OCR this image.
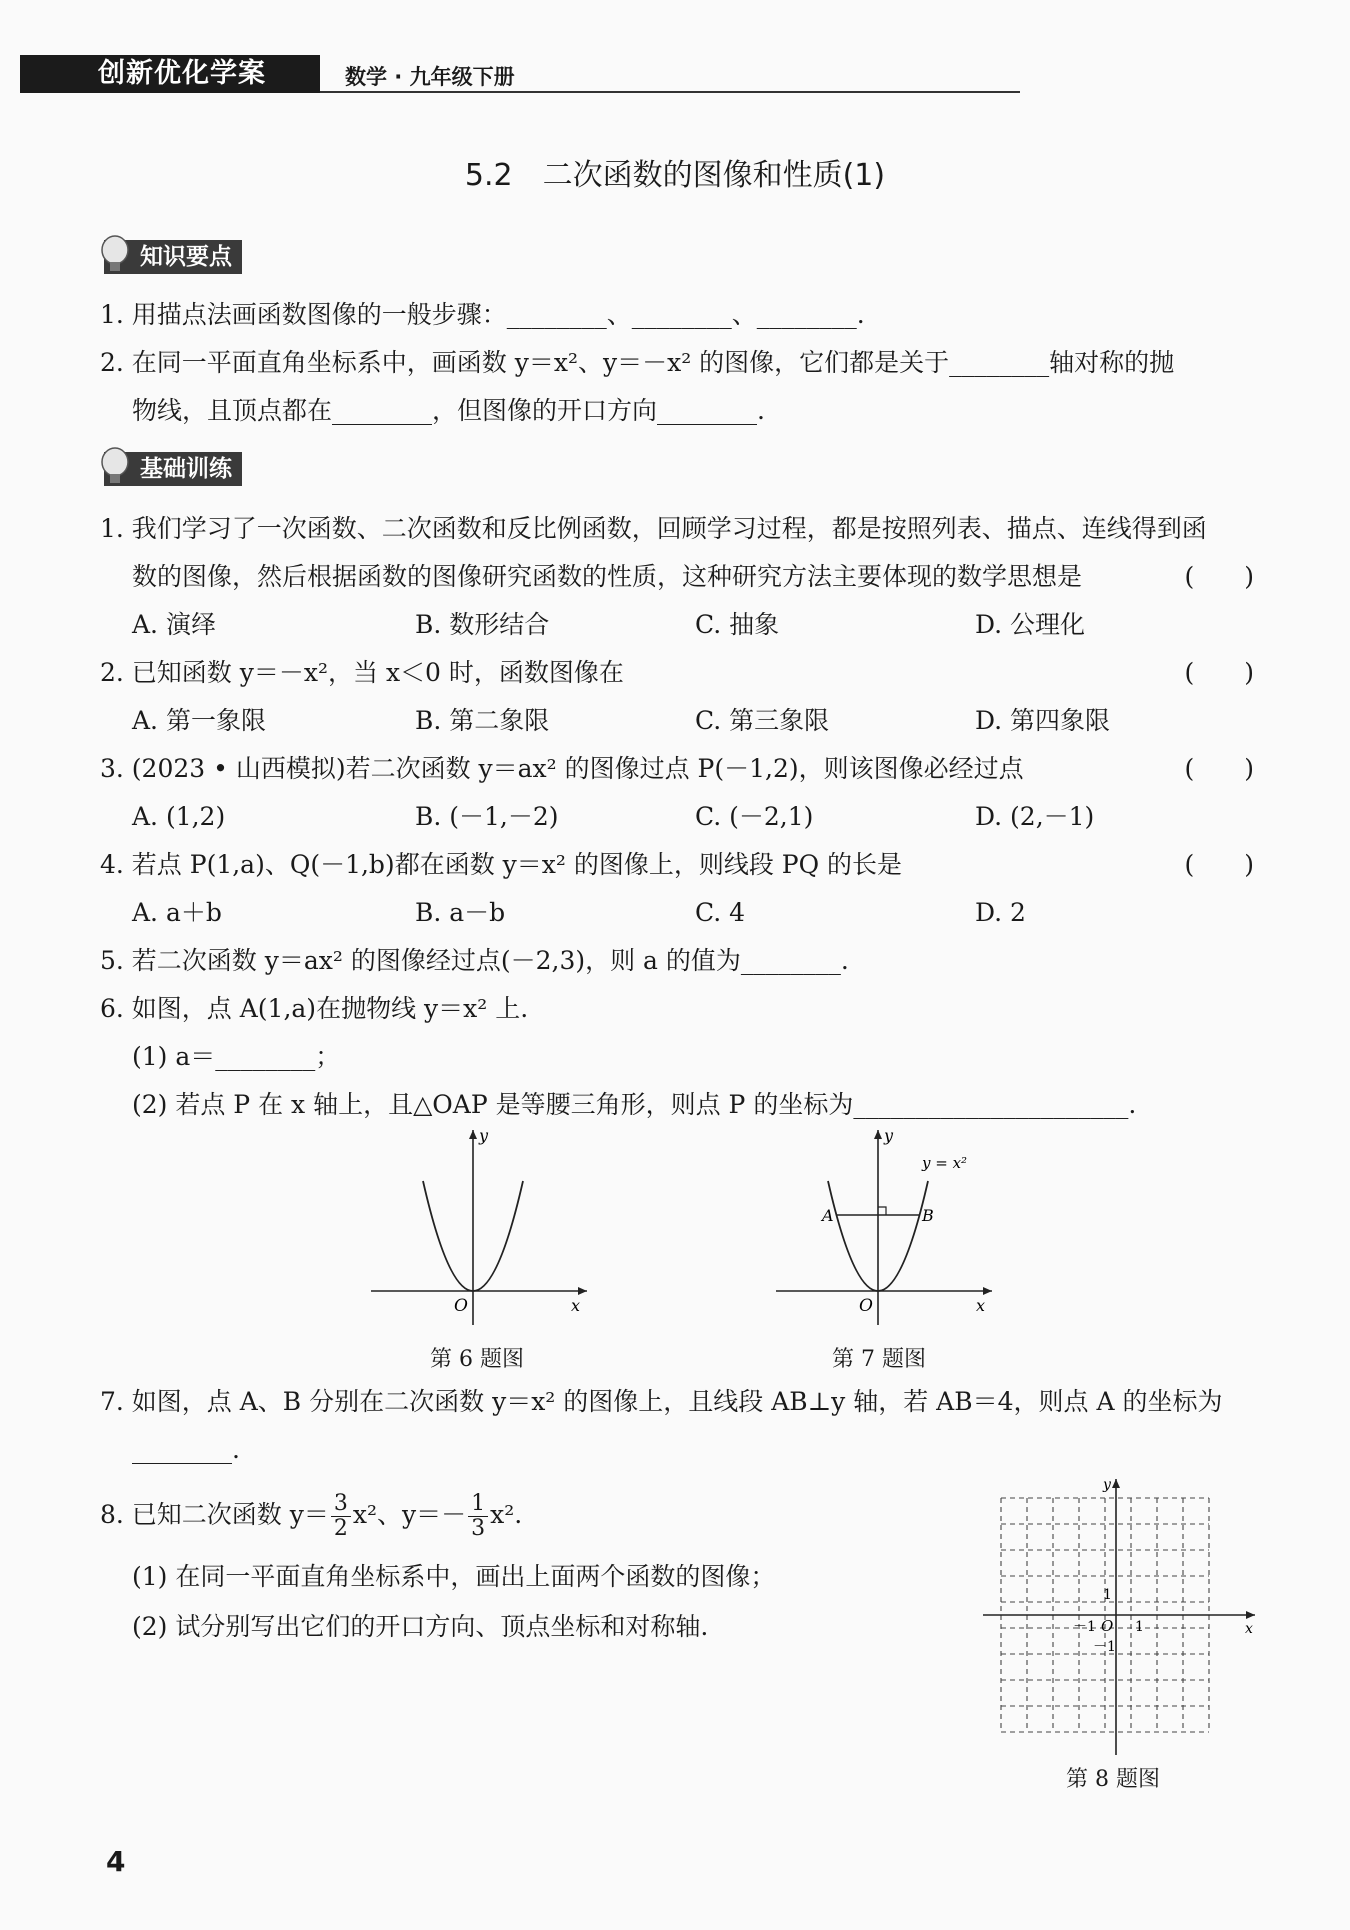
创新优化学案	数学 · 九年级下册
5.2　二次函数的图像和性质(1)
知识要点
1. 用描点法画函数图像的一般步骤：________、________、________.
2. 在同一平面直角坐标系中，画函数 y＝x²、y＝－x² 的图像，它们都是关于________轴对称的抛
物线，且顶点都在________，但图像的开口方向________.
基础训练
1. 我们学习了一次函数、二次函数和反比例函数，回顾学习过程，都是按照列表、描点、连线得到函
数的图像，然后根据函数的图像研究函数的性质，这种研究方法主要体现的数学思想是	(　　)
A. 演绎	B. 数形结合	C. 抽象	D. 公理化
2. 已知函数 y＝－x²，当 x＜0 时，函数图像在	(　　)
A. 第一象限	B. 第二象限	C. 第三象限	D. 第四象限
3. (2023 • 山西模拟)若二次函数 y＝ax² 的图像过点 P(－1,2)，则该图像必经过点	(　　)
A. (1,2)	B. (－1,－2)	C. (－2,1)	D. (2,－1)
4. 若点 P(1,a)、Q(－1,b)都在函数 y＝x² 的图像上，则线段 PQ 的长是	(　　)
A. a＋b	B. a－b	C. 4	D. 2
5. 若二次函数 y＝ax² 的图像经过点(－2,3)，则 a 的值为________.
6. 如图，点 A(1,a)在抛物线 y＝x² 上.
(1) a＝________；
(2) 若点 P 在 x 轴上，且△OAP 是等腰三角形，则点 P 的坐标为______________________.
y
x
O
第 6 题图
y
x
O
y = x²
A	B
第 7 题图
7. 如图，点 A、B 分别在二次函数 y＝x² 的图像上，且线段 AB⊥y 轴，若 AB＝4，则点 A 的坐标为
________.
8. 已知二次函数 $y= \frac{3}{2} x^2$、$y=- \frac{1}{3} x^2$.
(1) 在同一平面直角坐标系中，画出上面两个函数的图像；
(2) 试分别写出它们的开口方向、顶点坐标和对称轴.
y
x
O
－1	1
1
－1
第 8 题图
4
